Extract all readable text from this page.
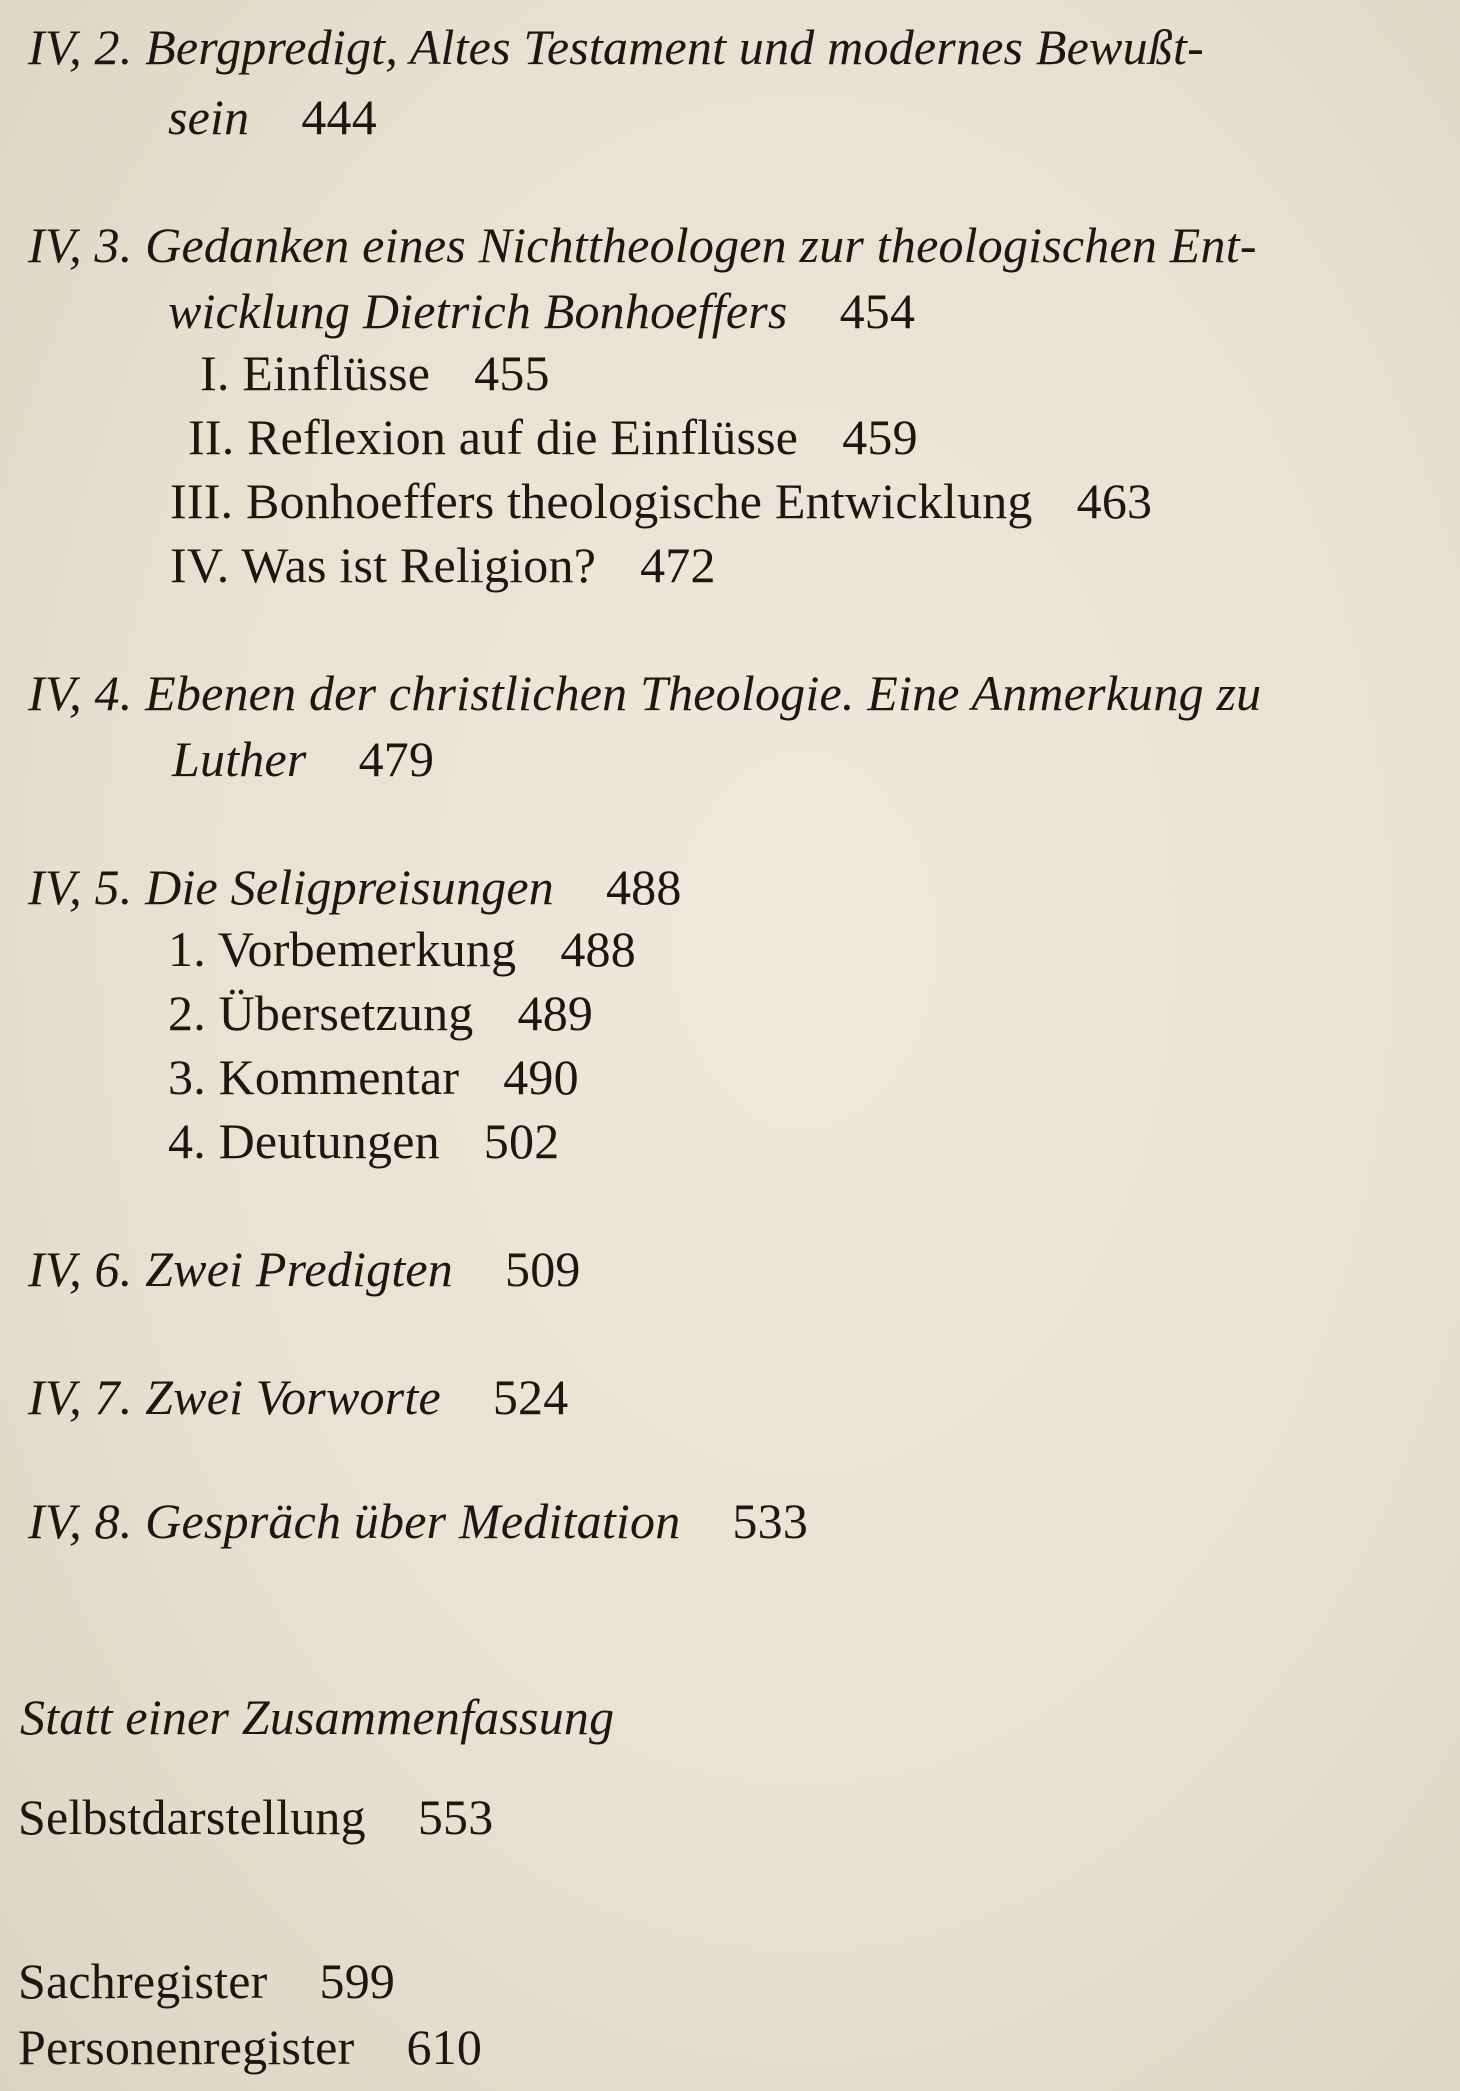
IV, 2. Bergpredigt, Altes Testament und modernes Bewußt-
sein 444
IV, 3. Gedanken eines Nichttheologen zur theologischen Ent-
wicklung Dietrich Bonhoeffers 454
I. Einflüsse 455
II. Reflexion auf die Einflüsse 459
III. Bonhoeffers theologische Entwicklung 463
IV. Was ist Religion? 472
IV, 4. Ebenen der christlichen Theologie. Eine Anmerkung zu
Luther 479
IV, 5. Die Seligpreisungen 488
1. Vorbemerkung 488
2. Übersetzung 489
3. Kommentar 490
4. Deutungen 502
IV, 6. Zwei Predigten 509
IV, 7. Zwei Vorworte 524
IV, 8. Gespräch über Meditation 533
Statt einer Zusammenfassung
Selbstdarstellung 553
Sachregister 599
Personenregister 610
